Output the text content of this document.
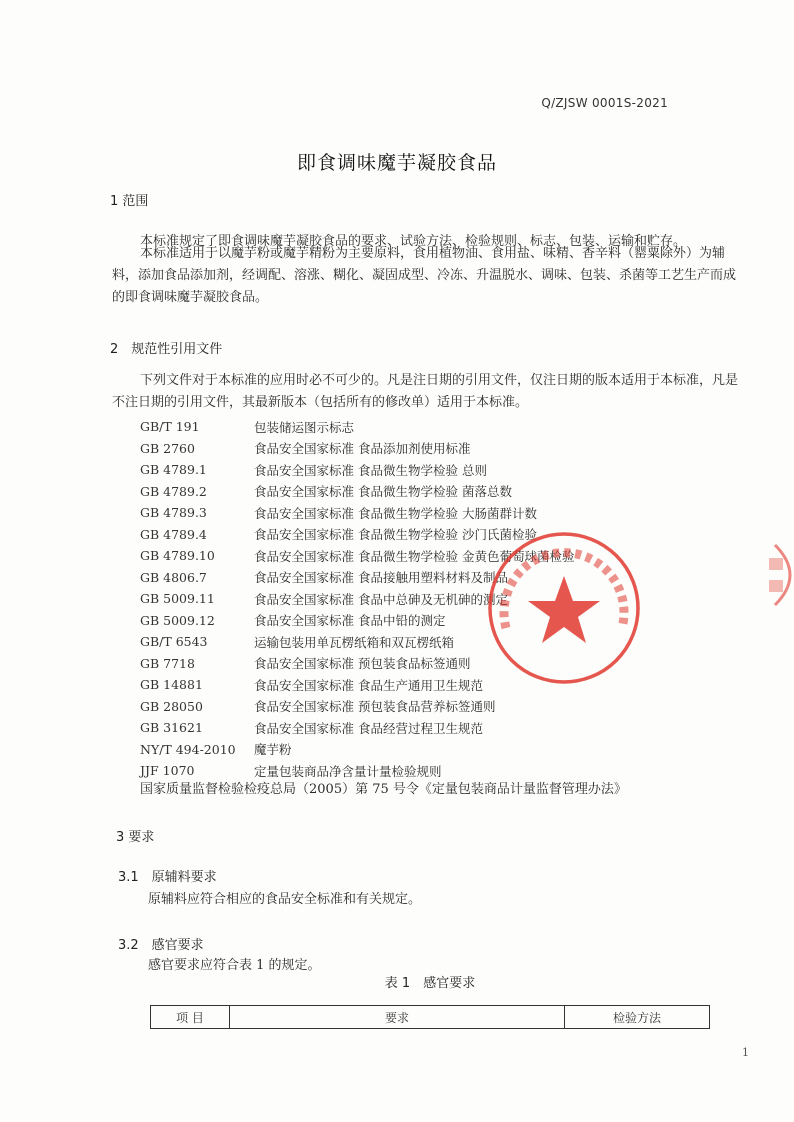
Q/ZJSW 0001S-2021
即食调味魔芋凝胶食品
1 范围
本标准规定了即食调味魔芋凝胶食品的要求、试验方法、检验规则、标志、包装、运输和贮存。
本标准适用于以魔芋粉或魔芋精粉为主要原料，食用植物油、食用盐、味精、香辛料（罂粟除外）为辅料，添加食品添加剂，经调配、溶涨、糊化、凝固成型、冷冻、升温脱水、调味、包装、杀菌等工艺生产而成的即食调味魔芋凝胶食品。
2　规范性引用文件
下列文件对于本标准的应用时必不可少的。凡是注日期的引用文件，仅注日期的版本适用于本标准，凡是不注日期的引用文件，其最新版本（包括所有的修改单）适用于本标准。
GB/T 191	包装储运图示标志
GB 2760	食品安全国家标准 食品添加剂使用标准
GB 4789.1	食品安全国家标准 食品微生物学检验 总则
GB 4789.2	食品安全国家标准 食品微生物学检验 菌落总数
GB 4789.3	食品安全国家标准 食品微生物学检验 大肠菌群计数
GB 4789.4	食品安全国家标准 食品微生物学检验 沙门氏菌检验
GB 4789.10	食品安全国家标准 食品微生物学检验 金黄色葡萄球菌检验
GB 4806.7	食品安全国家标准 食品接触用塑料材料及制品
GB 5009.11	食品安全国家标准 食品中总砷及无机砷的测定
GB 5009.12	食品安全国家标准 食品中铅的测定
GB/T 6543	运输包装用单瓦楞纸箱和双瓦楞纸箱
GB 7718	食品安全国家标准 预包装食品标签通则
GB 14881	食品安全国家标准 食品生产通用卫生规范
GB 28050	食品安全国家标准 预包装食品营养标签通则
GB 31621	食品安全国家标准 食品经营过程卫生规范
NY/T 494-2010	魔芋粉
JJF 1070	定量包装商品净含量计量检验规则
国家质量监督检验检疫总局（2005）第 75 号令《定量包装商品计量监督管理办法》
3 要求
3.1　原辅料要求
原辅料应符合相应的食品安全标准和有关规定。
3.2　感官要求
感官要求应符合表 1 的规定。
表 1　感官要求
项 目	要求	检验方法
1
